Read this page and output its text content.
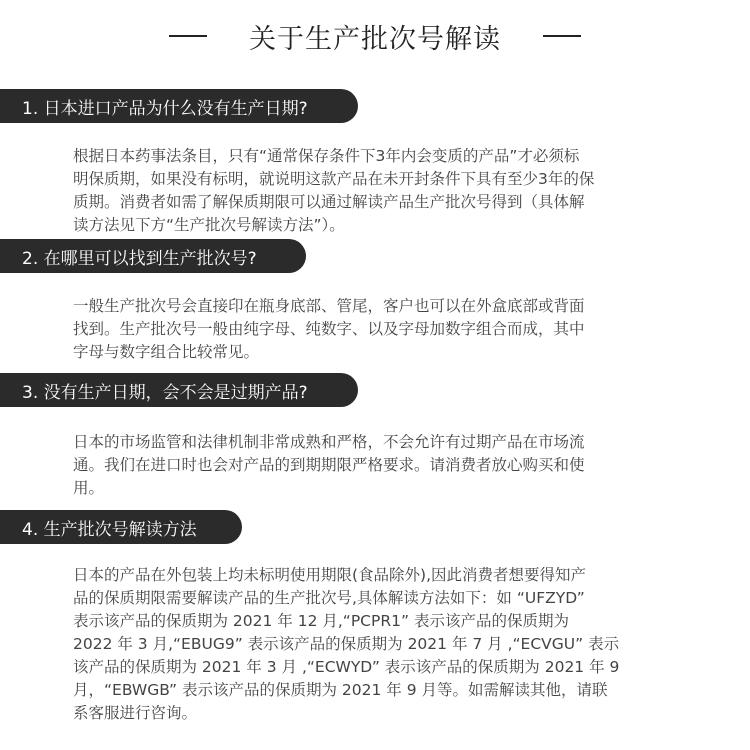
关于生产批次号解读
1. 日本进口产品为什么没有生产日期?
根据日本药事法条目，只有“通常保存条件下3年内会变质的产品”才必须标
明保质期，如果没有标明，就说明这款产品在未开封条件下具有至少3年的保
质期。消费者如需了解保质期限可以通过解读产品生产批次号得到（具体解
读方法见下方“生产批次号解读方法”）。
2. 在哪里可以找到生产批次号?
一般生产批次号会直接印在瓶身底部、管尾，客户也可以在外盒底部或背面
找到。生产批次号一般由纯字母、纯数字、以及字母加数字组合而成，其中
字母与数字组合比较常见。
3. 没有生产日期，会不会是过期产品?
日本的市场监管和法律机制非常成熟和严格，不会允许有过期产品在市场流
通。我们在进口时也会对产品的到期期限严格要求。请消费者放心购买和使
用。
4. 生产批次号解读方法
日本的产品在外包装上均未标明使用期限(食品除外),因此消费者想要得知产
品的保质期限需要解读产品的生产批次号,具体解读方法如下：如 “UFZYD”
表示该产品的保质期为 2021 年 12 月,“PCPR1” 表示该产品的保质期为
2022 年 3 月,“EBUG9” 表示该产品的保质期为 2021 年 7 月 ,“ECVGU” 表示
该产品的保质期为 2021 年 3 月 ,“ECWYD” 表示该产品的保质期为 2021 年 9
月，“EBWGB” 表示该产品的保质期为 2021 年 9 月等。如需解读其他，请联
系客服进行咨询。
